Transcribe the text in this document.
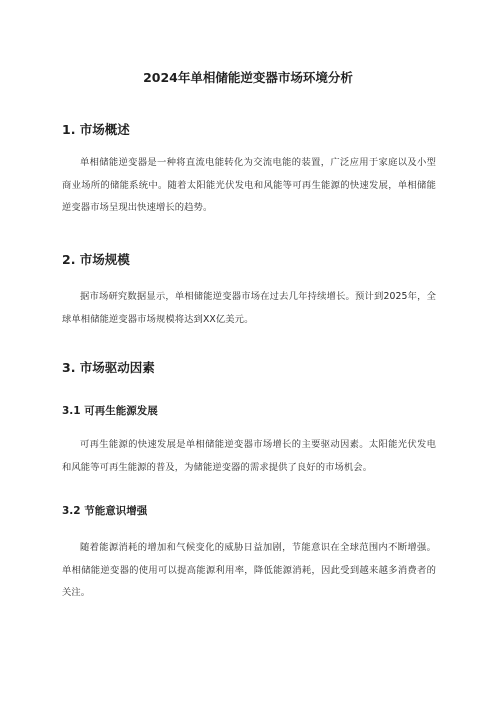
2024年单相储能逆变器市场环境分析
1. 市场概述
单相储能逆变器是一种将直流电能转化为交流电能的装置，广泛应用于家庭以及小型商业场所的储能系统中。随着太阳能光伏发电和风能等可再生能源的快速发展，单相储能逆变器市场呈现出快速增长的趋势。
2. 市场规模
据市场研究数据显示，单相储能逆变器市场在过去几年持续增长。预计到2025年，全球单相储能逆变器市场规模将达到XX亿美元。
3. 市场驱动因素
3.1 可再生能源发展
可再生能源的快速发展是单相储能逆变器市场增长的主要驱动因素。太阳能光伏发电和风能等可再生能源的普及，为储能逆变器的需求提供了良好的市场机会。
3.2 节能意识增强
随着能源消耗的增加和气候变化的威胁日益加剧，节能意识在全球范围内不断增强。单相储能逆变器的使用可以提高能源利用率，降低能源消耗，因此受到越来越多消费者的关注。
